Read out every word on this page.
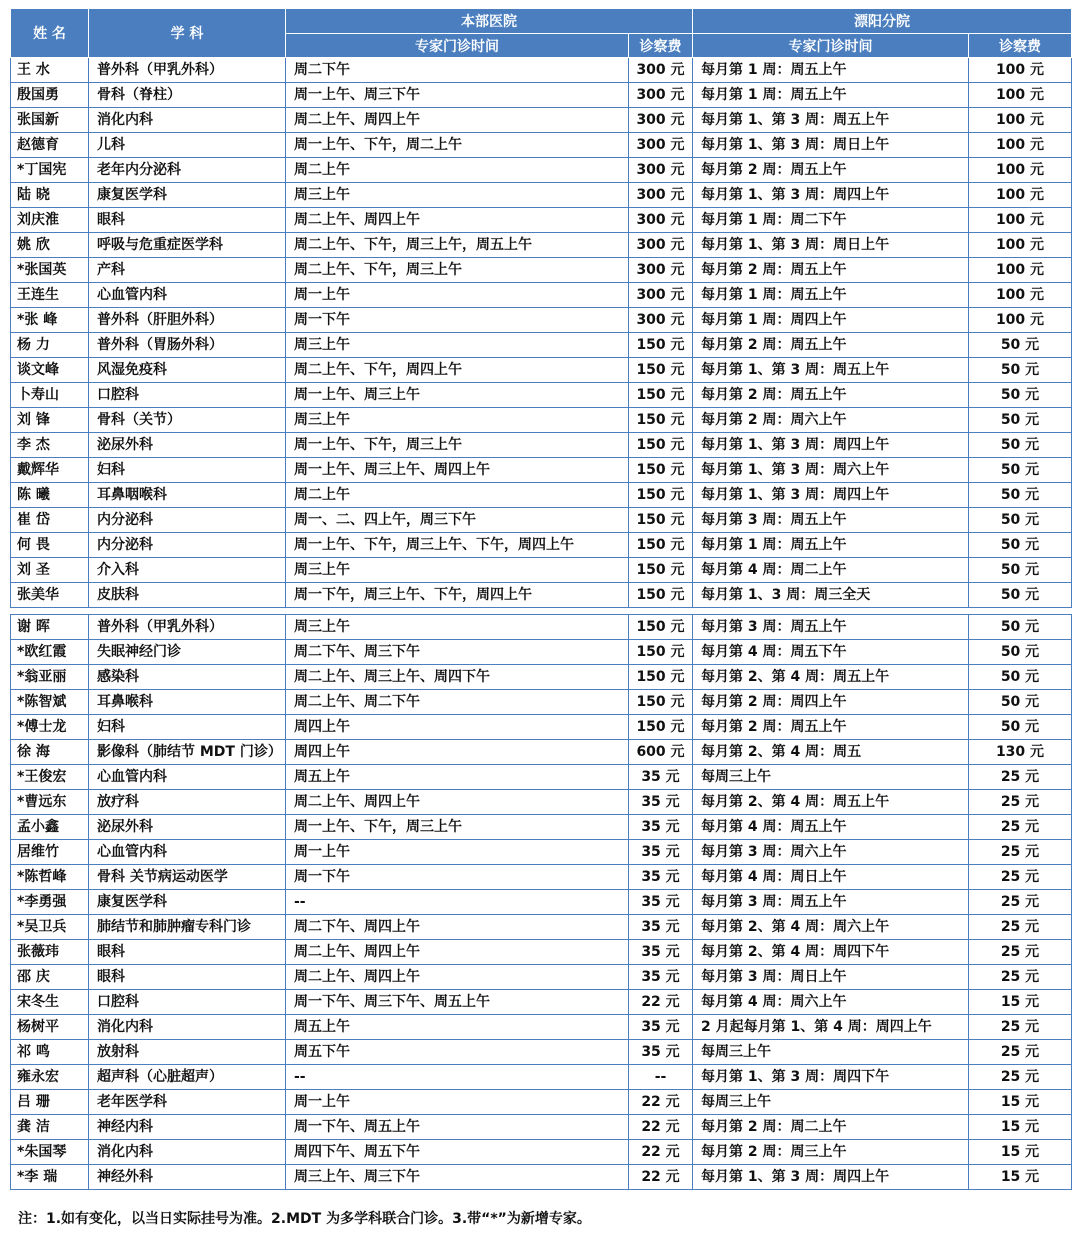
姓 名	学 科	本部医院		漂阳分院	
		专家门诊时间	诊察费	专家门诊时间	诊察费
王 水	普外科（甲乳外科）	周二下午	300 元	每月第 1 周：周五上午	100 元
殷国勇	骨科（脊柱）	周一上午、周三下午	300 元	每月第 1 周：周五上午	100 元
张国新	消化内科	周二上午、周四上午	300 元	每月第 1、第 3 周：周五上午	100 元
赵德育	儿科	周一上午、下午，周二上午	300 元	每月第 1、第 3 周：周日上午	100 元
*丁国宪	老年内分泌科	周二上午	300 元	每月第 2 周：周五上午	100 元
陆 晓	康复医学科	周三上午	300 元	每月第 1、第 3 周：周四上午	100 元
刘庆淮	眼科	周二上午、周四上午	300 元	每月第 1 周：周二下午	100 元
姚 欣	呼吸与危重症医学科	周二上午、下午，周三上午，周五上午	300 元	每月第 1、第 3 周：周日上午	100 元
*张国英	产科	周二上午、下午，周三上午	300 元	每月第 2 周：周五上午	100 元
王连生	心血管内科	周一上午	300 元	每月第 1 周：周五上午	100 元
*张 峰	普外科（肝胆外科）	周一下午	300 元	每月第 1 周：周四上午	100 元
杨 力	普外科（胃肠外科）	周三上午	150 元	每月第 2 周：周五上午	50 元
谈文峰	风湿免疫科	周二上午、下午，周四上午	150 元	每月第 1、第 3 周：周五上午	50 元
卜寿山	口腔科	周一上午、周三上午	150 元	每月第 2 周：周五上午	50 元
刘 锋	骨科（关节）	周三上午	150 元	每月第 2 周：周六上午	50 元
李 杰	泌尿外科	周一上午、下午，周三上午	150 元	每月第 1、第 3 周：周四上午	50 元
戴辉华	妇科	周一上午、周三上午、周四上午	150 元	每月第 1、第 3 周：周六上午	50 元
陈 曦	耳鼻咽喉科	周二上午	150 元	每月第 1、第 3 周：周四上午	50 元
崔 岱	内分泌科	周一、二、四上午，周三下午	150 元	每月第 3 周：周五上午	50 元
何 畏	内分泌科	周一上午、下午，周三上午、下午，周四上午	150 元	每月第 1 周：周五上午	50 元
刘 圣	介入科	周三上午	150 元	每月第 4 周：周二上午	50 元
张美华	皮肤科	周一下午，周三上午、下午，周四上午	150 元	每月第 1、3 周：周三全天	50 元

谢 晖	普外科（甲乳外科）	周三上午	150 元	每月第 3 周：周五上午	50 元
*欧红霞	失眠神经门诊	周二下午、周三下午	150 元	每月第 4 周：周五下午	50 元
*翁亚丽	感染科	周二上午、周三上午、周四下午	150 元	每月第 2、第 4 周：周五上午	50 元
*陈智斌	耳鼻喉科	周二上午、周二下午	150 元	每月第 2 周：周四上午	50 元
*傅士龙	妇科	周四上午	150 元	每月第 2 周：周五上午	50 元
徐 海	影像科（肺结节 MDT 门诊）	周四上午	600 元	每月第 2、第 4 周：周五	130 元
*王俊宏	心血管内科	周五上午	35 元	每周三上午	25 元
*曹远东	放疗科	周二上午、周四上午	35 元	每月第 2、第 4 周：周五上午	25 元
孟小鑫	泌尿外科	周一上午、下午，周三上午	35 元	每月第 4 周：周五上午	25 元
居维竹	心血管内科	周一上午	35 元	每月第 3 周：周六上午	25 元
*陈哲峰	骨科 关节病运动医学	周一下午	35 元	每月第 4 周：周日上午	25 元
*李勇强	康复医学科	--	35 元	每月第 3 周：周五上午	25 元
*吴卫兵	肺结节和肺肿瘤专科门诊	周二下午、周四上午	35 元	每月第 2、第 4 周：周六上午	25 元
张薇玮	眼科	周二上午、周四上午	35 元	每月第 2、第 4 周：周四下午	25 元
邵 庆	眼科	周二上午、周四上午	35 元	每月第 3 周：周日上午	25 元
宋冬生	口腔科	周一下午、周三下午、周五上午	22 元	每月第 4 周：周六上午	15 元
杨树平	消化内科	周五上午	35 元	2 月起每月第 1、第 4 周：周四上午	25 元
祁 鸣	放射科	周五下午	35 元	每周三上午	25 元
雍永宏	超声科（心脏超声）	--	--	每月第 1、第 3 周：周四下午	25 元
吕 珊	老年医学科	周一上午	22 元	每周三上午	15 元
龚 洁	神经内科	周一下午、周五上午	22 元	每月第 2 周：周二上午	15 元
*朱国琴	消化内科	周四下午、周五下午	22 元	每月第 2 周：周三上午	15 元
*李 瑞	神经外科	周三上午、周三下午	22 元	每月第 1、第 3 周：周四上午	15 元
注：1.如有变化，以当日实际挂号为准。2.MDT 为多学科联合门诊。3.带“*”为新增专家。
